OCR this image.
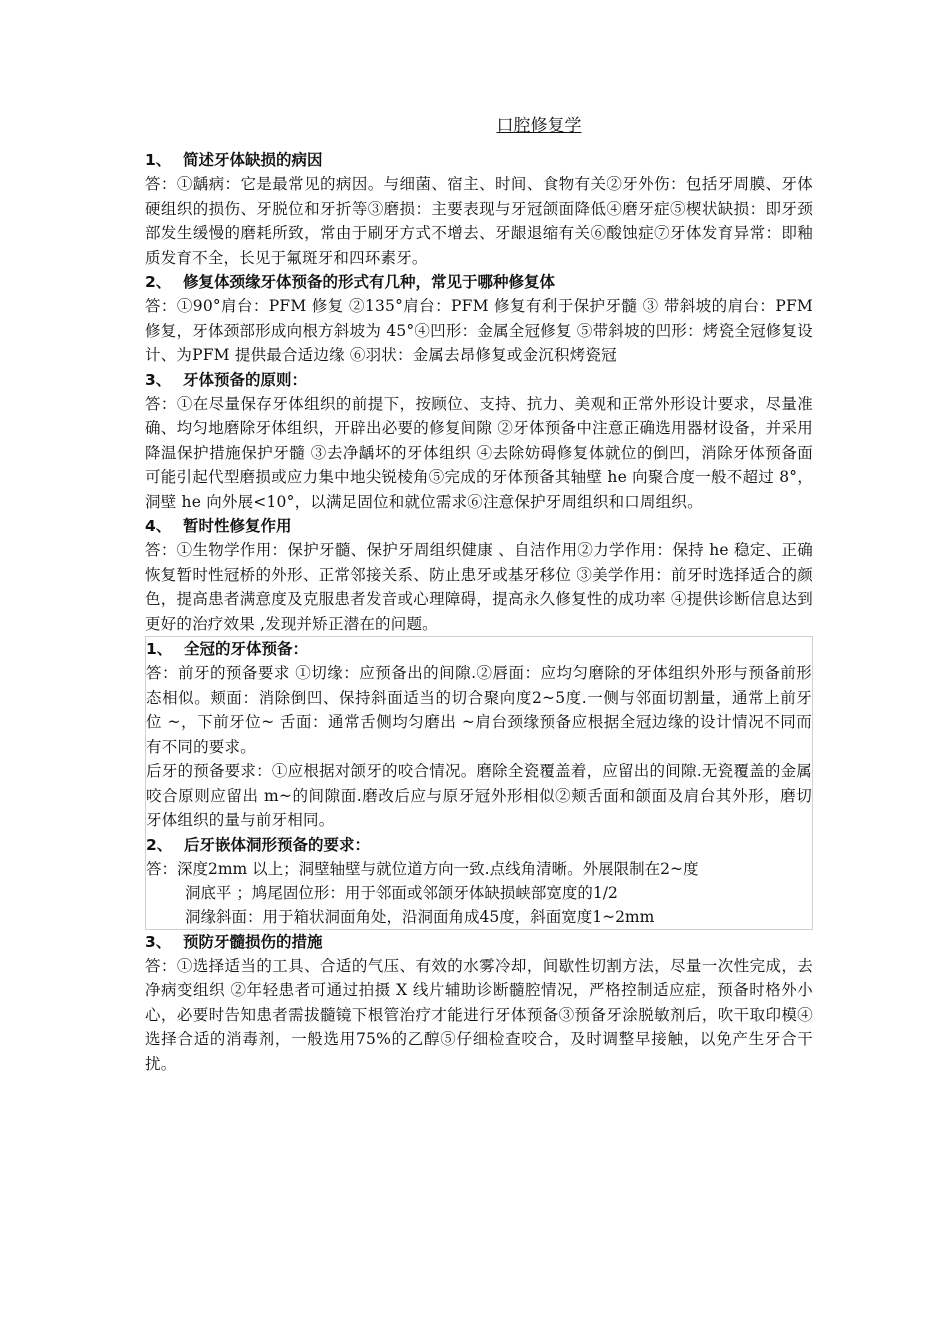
口腔修复学

1、 简述牙体缺损的病因

答：①龋病：它是最常见的病因。与细菌、宿主、时间、食物有关②牙外伤：包括牙周膜、牙体硬组织的损伤、牙脱位和牙折等③磨损：主要表现与牙冠颌面降低④磨牙症⑤楔状缺损：即牙颈部发生缓慢的磨耗所致，常由于刷牙方式不增去、牙龈退缩有关⑥酸蚀症⑦牙体发育异常：即釉质发育不全，长见于氟斑牙和四环素牙。

2、 修复体颈缘牙体预备的形式有几种，常见于哪种修复体

答：①90°肩台：PFM 修复 ②135°肩台：PFM 修复有利于保护牙髓 ③ 带斜坡的肩台：PFM 修复，牙体颈部形成向根方斜坡为 45°④凹形：金属全冠修复 ⑤带斜坡的凹形：烤瓷全冠修复设计、为PFM 提供最合适边缘 ⑥羽状：金属去昂修复或金沉积烤瓷冠

3、 牙体预备的原则：

答：①在尽量保存牙体组织的前提下，按顾位、支持、抗力、美观和正常外形设计要求，尽量准确、均匀地磨除牙体组织，开辟出必要的修复间隙 ②牙体预备中注意正确选用器材设备，并采用降温保护措施保护牙髓 ③去净龋坏的牙体组织 ④去除妨碍修复体就位的倒凹，消除牙体预备面可能引起代型磨损或应力集中地尖锐棱角⑤完成的牙体预备其轴壁 he 向聚合度一般不超过 8°，洞壁 he 向外展<10°，以满足固位和就位需求⑥注意保护牙周组织和口周组织。

4、 暂时性修复作用

答：①生物学作用：保护牙髓、保护牙周组织健康 、自洁作用②力学作用：保持 he 稳定、正确恢复暂时性冠桥的外形、正常邻接关系、防止患牙或基牙移位 ③美学作用：前牙时选择适合的颜色，提高患者满意度及克服患者发音或心理障碍，提高永久修复性的成功率 ④提供诊断信息达到更好的治疗效果 ,发现并矫正潜在的问题。

1、 全冠的牙体预备：

答：前牙的预备要求 ①切缘：应预备出的间隙.②唇面：应均匀磨除的牙体组织外形与预备前形态相似。颊面：消除倒凹、保持斜面适当的切合聚向度2~5度.一侧与邻面切割量，通常上前牙位 ~，下前牙位~ 舌面：通常舌侧均匀磨出 ~肩台颈缘预备应根据全冠边缘的设计情况不同而有不同的要求。

后牙的预备要求：①应根据对颌牙的咬合情况。磨除全瓷覆盖着，应留出的间隙.无瓷覆盖的金属咬合原则应留出 m~的间隙面.磨改后应与原牙冠外形相似②颊舌面和颌面及肩台其外形，磨切牙体组织的量与前牙相同。

2、 后牙嵌体洞形预备的要求：

答：深度2mm 以上；洞壁轴壁与就位道方向一致.点线角清晰。外展限制在2~度

洞底平 ；鸠尾固位形：用于邻面或邻颌牙体缺损峡部宽度的1/2

洞缘斜面：用于箱状洞面角处，沿洞面角成45度，斜面宽度1~2mm

3、 预防牙髓损伤的措施

答：①选择适当的工具、合适的气压、有效的水雾冷却，间歇性切割方法，尽量一次性完成，去净病变组织 ②年轻患者可通过拍摄 X 线片辅助诊断髓腔情况，严格控制适应症，预备时格外小心，必要时告知患者需拔髓镜下根管治疗才能进行牙体预备③预备牙涂脱敏剂后，吹干取印模④选择合适的消毒剂，一般选用75%的乙醇⑤仔细检查咬合，及时调整早接触，以免产生牙合干扰。
